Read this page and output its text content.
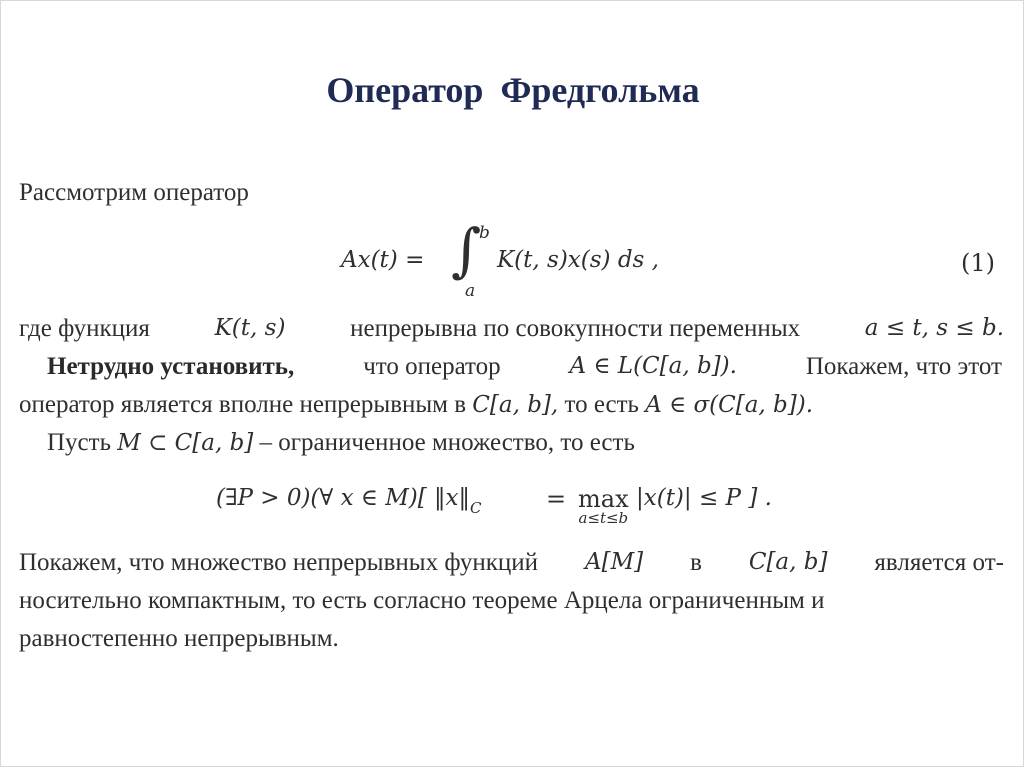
Оператор Фредгольма
Рассмотрим оператор
Ax(t) = ∫
b
a
K(t, s)x(s) ds ,	(1)
где функция	K(t, s)	непрерывна по совокупности переменных	a ≤ t, s ≤ b.
Нетрудно установить,	что оператор	A ∈ L(C[a, b]).	Покажем, что этот
оператор является вполне непрерывным в C[a, b], то есть A ∈ σ(C[a, b]).
Пусть M ⊂ C[a, b] – ограниченное множество, то есть
(∃P > 0)(∀ x ∈ M)[ $‖x‖_C$	= max
a≤t≤b
|x(t)| ≤ P ] .
Покажем, что множество непрерывных функций A[M] в C[a, b] является от-
носительно компактным, то есть согласно теореме Арцела ограниченным и
равностепенно непрерывным.
